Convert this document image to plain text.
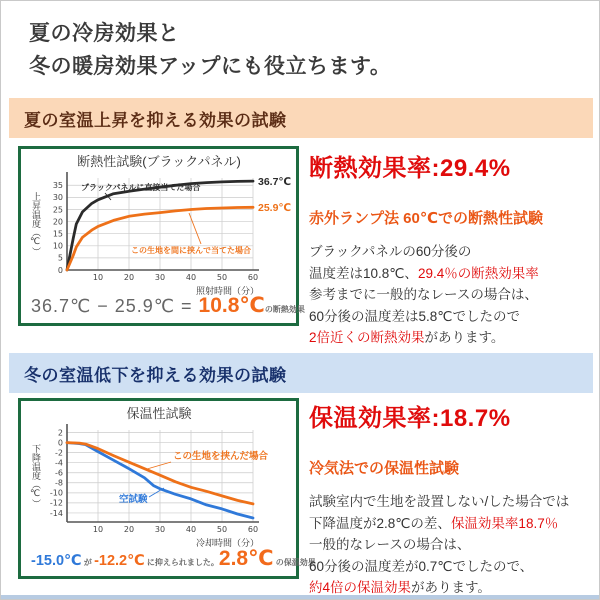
夏の冷房効果と
冬の暖房効果アップにも役立ちます。
夏の室温上昇を抑える効果の試験
10	20	30	40	50	60
0
5
10
15
20
25
30
35 ブラックパネルに直接当てた場合
この生地を間に挟んで当てた場合
36.7℃
25.9℃
断熱性試験(ブラックパネル)
照射時間（分）
上昇温度（℃）
36.7℃ − 25.9℃ = 10.8℃ の断熱効果
断熱効果率:29.4%
赤外ランプ法 60℃での断熱性試験
ブラックパネルの60分後の
温度差は10.8℃、29.4％の断熱効果率
参考までに一般的なレースの場合は、
60分後の温度差は5.8℃でしたので
2倍近くの断熱効果があります。
冬の室温低下を抑える効果の試験
10	20	30	40	50	60
2
0
-2
-4
-6
-8
-10
-12
-14
空試験
この生地を挟んだ場合
保温性試験
冷却時間（分）
下降温度（℃）
-15.0℃ が -12.2℃ に抑えられました。 2.8℃ の保温効果
保温効果率:18.7%
冷気法での保温性試験
試験室内で生地を設置しない/した場合では
下降温度が2.8℃の差、保温効果率18.7％
一般的なレースの場合は、
60分後の温度差が0.7℃でしたので、
約4倍の保温効果があります。
